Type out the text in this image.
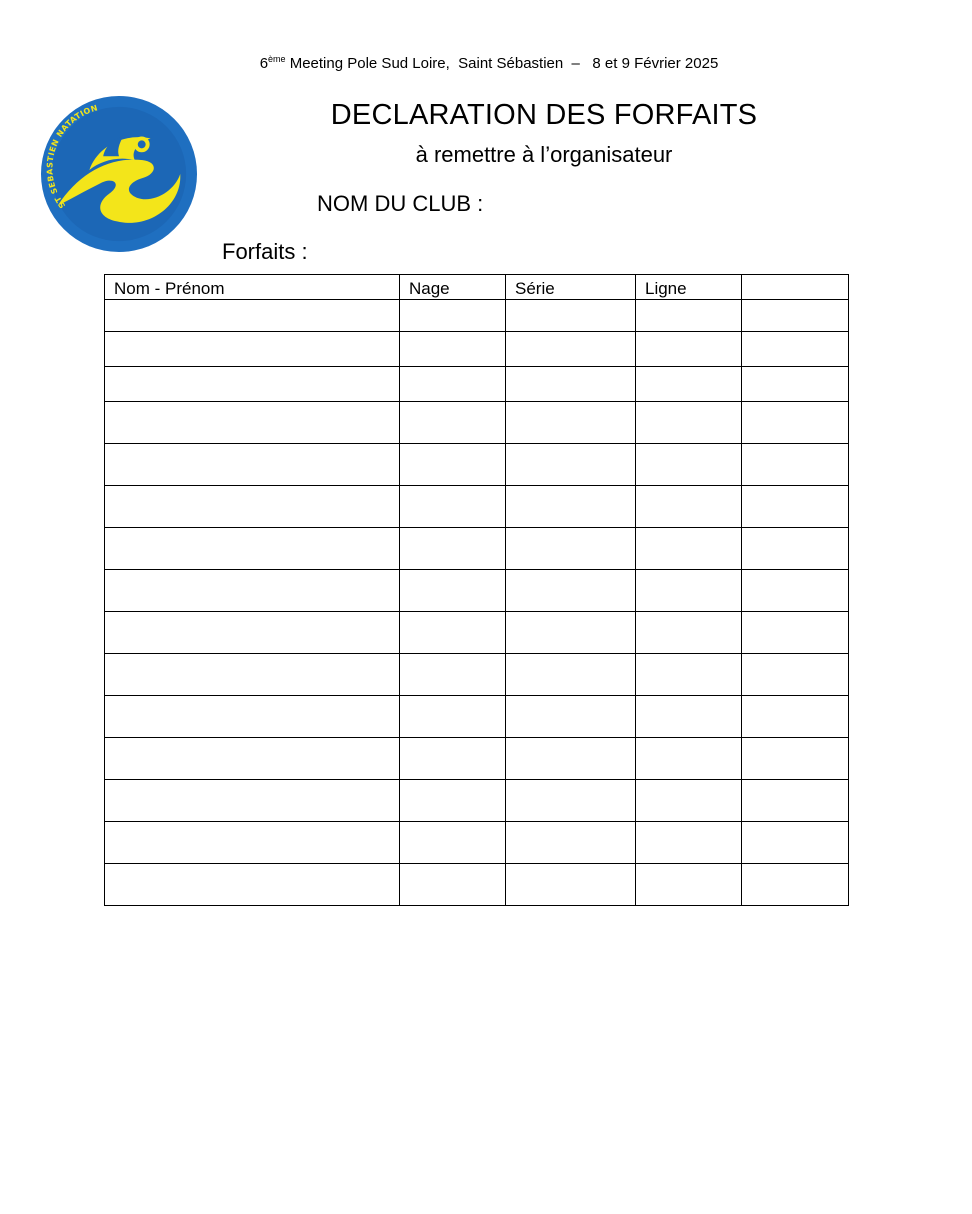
6ème Meeting Pole Sud Loire,  Saint Sébastien  –   8 et 9 Février 2025
ST SEBASTIEN NATATION	DECLARATION DES FORFAITS
à remettre à l’organisateur
NOM DU CLUB :
Forfaits :
Nom - Prénom	Nage	Série	Ligne	
